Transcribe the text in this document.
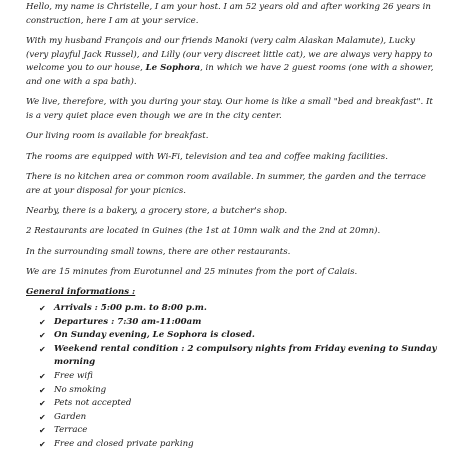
Hello, my name is Christelle, I am your host. I am 52 years old and after working 26 years in construction, here I am at your service.

With my husband François and our friends Manoki (very calm Alaskan Malamute), Lucky (very playful Jack Russel), and Lilly (our very discreet little cat), we are always very happy to welcome you to our house, Le Sophora, in which we have 2 guest rooms (one with a shower, and one with a spa bath).

We live, therefore, with you during your stay. Our home is like a small "bed and breakfast". It is a very quiet place even though we are in the city center.

Our living room is available for breakfast.

The rooms are equipped with Wi-Fi, television and tea and coffee making facilities.

There is no kitchen area or common room available. In summer, the garden and the terrace are at your disposal for your picnics.

Nearby, there is a bakery, a grocery store, a butcher's shop.

2 Restaurants are located in Guines (the 1st at 10mn walk and the 2nd at 20mn).

In the surrounding small towns, there are other restaurants.

We are 15 minutes from Eurotunnel and 25 minutes from the port of Calais.

General informations :
✔ Arrivals : 5:00 p.m. to 8:00 p.m.
✔ Departures : 7:30 am-11:00am
✔ On Sunday evening, Le Sophora is closed.
✔ Weekend rental condition : 2 compulsory nights from Friday evening to Sunday morning
✔ Free wifi
✔ No smoking
✔ Pets not accepted
✔ Garden
✔ Terrace
✔ Free and closed private parking
